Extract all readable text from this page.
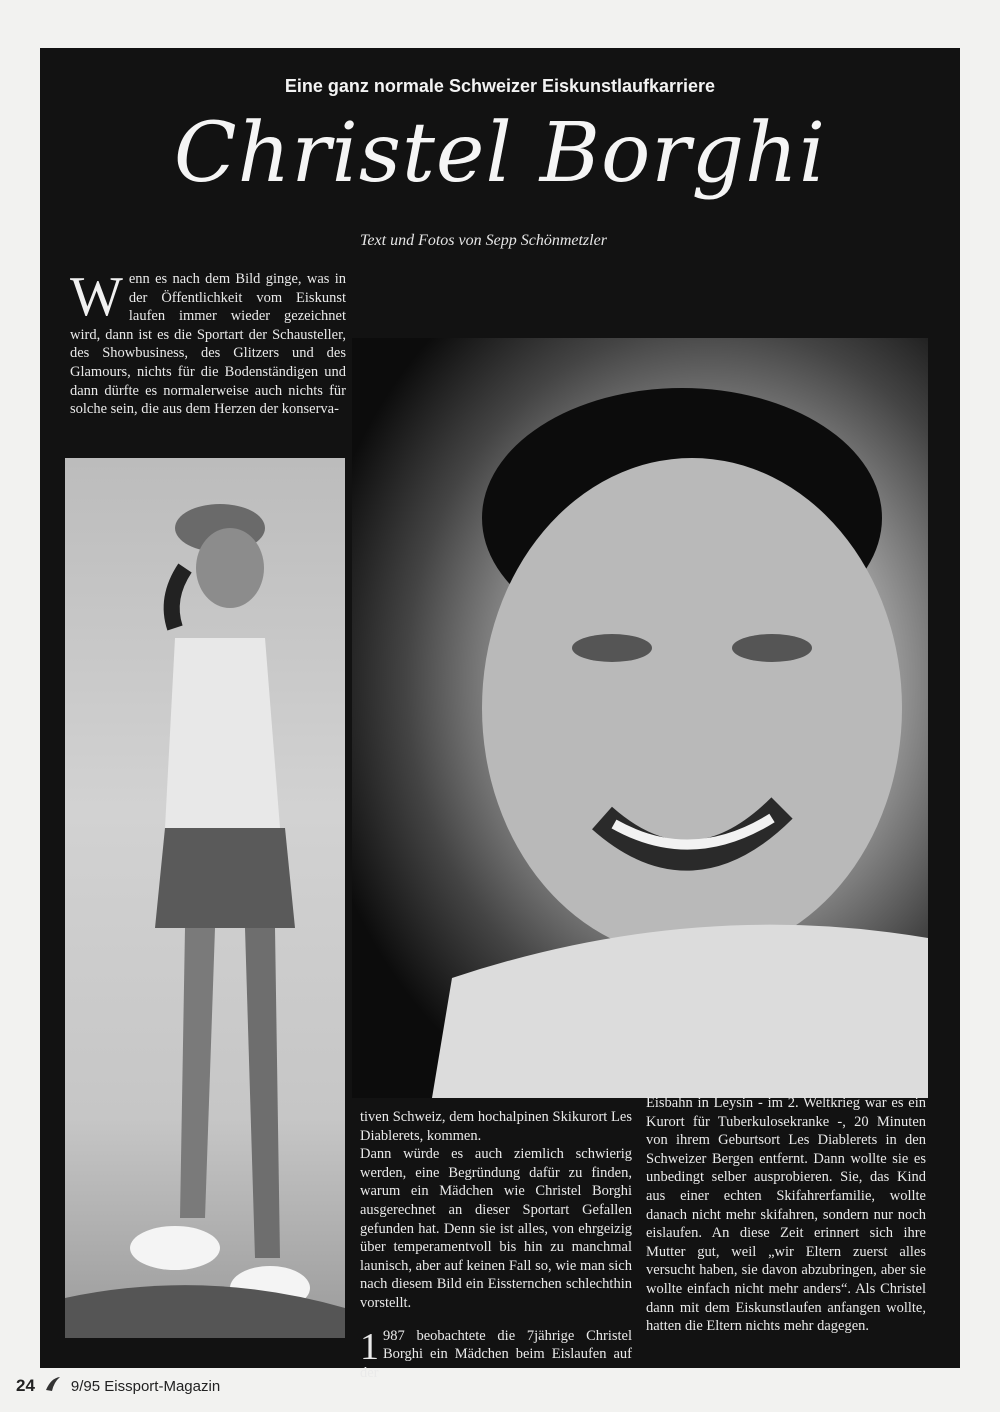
Eine ganz normale Schweizer Eiskunstlaufkarriere
Christel Borghi
Text und Fotos von Sepp Schönmetzler
Wenn es nach dem Bild ginge, was in der Öffentlichkeit vom Eiskunst laufen immer wieder gezeichnet wird, dann ist es die Sportart der Schausteller, des Showbusiness, des Glitzers und des Glamours, nichts für die Bodenständigen und dann dürfte es normalerweise auch nichts für solche sein, die aus dem Herzen der konserva-

tiven Schweiz, dem hochalpinen Skikurort Les Diablerets, kommen.

Dann würde es auch ziemlich schwierig werden, eine Begründung dafür zu finden, warum ein Mädchen wie Christel Borghi ausgerechnet an dieser Sportart Gefallen gefunden hat. Denn sie ist alles, von ehrgeizig über temperamentvoll bis hin zu manchmal launisch, aber auf keinen Fall so, wie man sich nach diesem Bild ein Eissternchen schlechthin vorstellt.

1 987 beobachtete die 7jährige Christel Borghi ein Mädchen beim Eislaufen auf der

Eisbahn in Leysin - im 2. Weltkrieg war es ein Kurort für Tuberkulosekranke -, 20 Minuten von ihrem Geburtsort Les Diablerets in den Schweizer Bergen entfernt. Dann wollte sie es unbedingt selber ausprobieren. Sie, das Kind aus einer echten Skifahrerfamilie, wollte danach nicht mehr skifahren, sondern nur noch eislaufen. An diese Zeit erinnert sich ihre Mutter gut, weil „wir Eltern zuerst alles versucht haben, sie davon abzubringen, aber sie wollte einfach nicht mehr anders“. Als Christel dann mit dem Eiskunstlaufen anfangen wollte, hatten die Eltern nichts mehr dagegen.

24 9/95 Eissport-Magazin
